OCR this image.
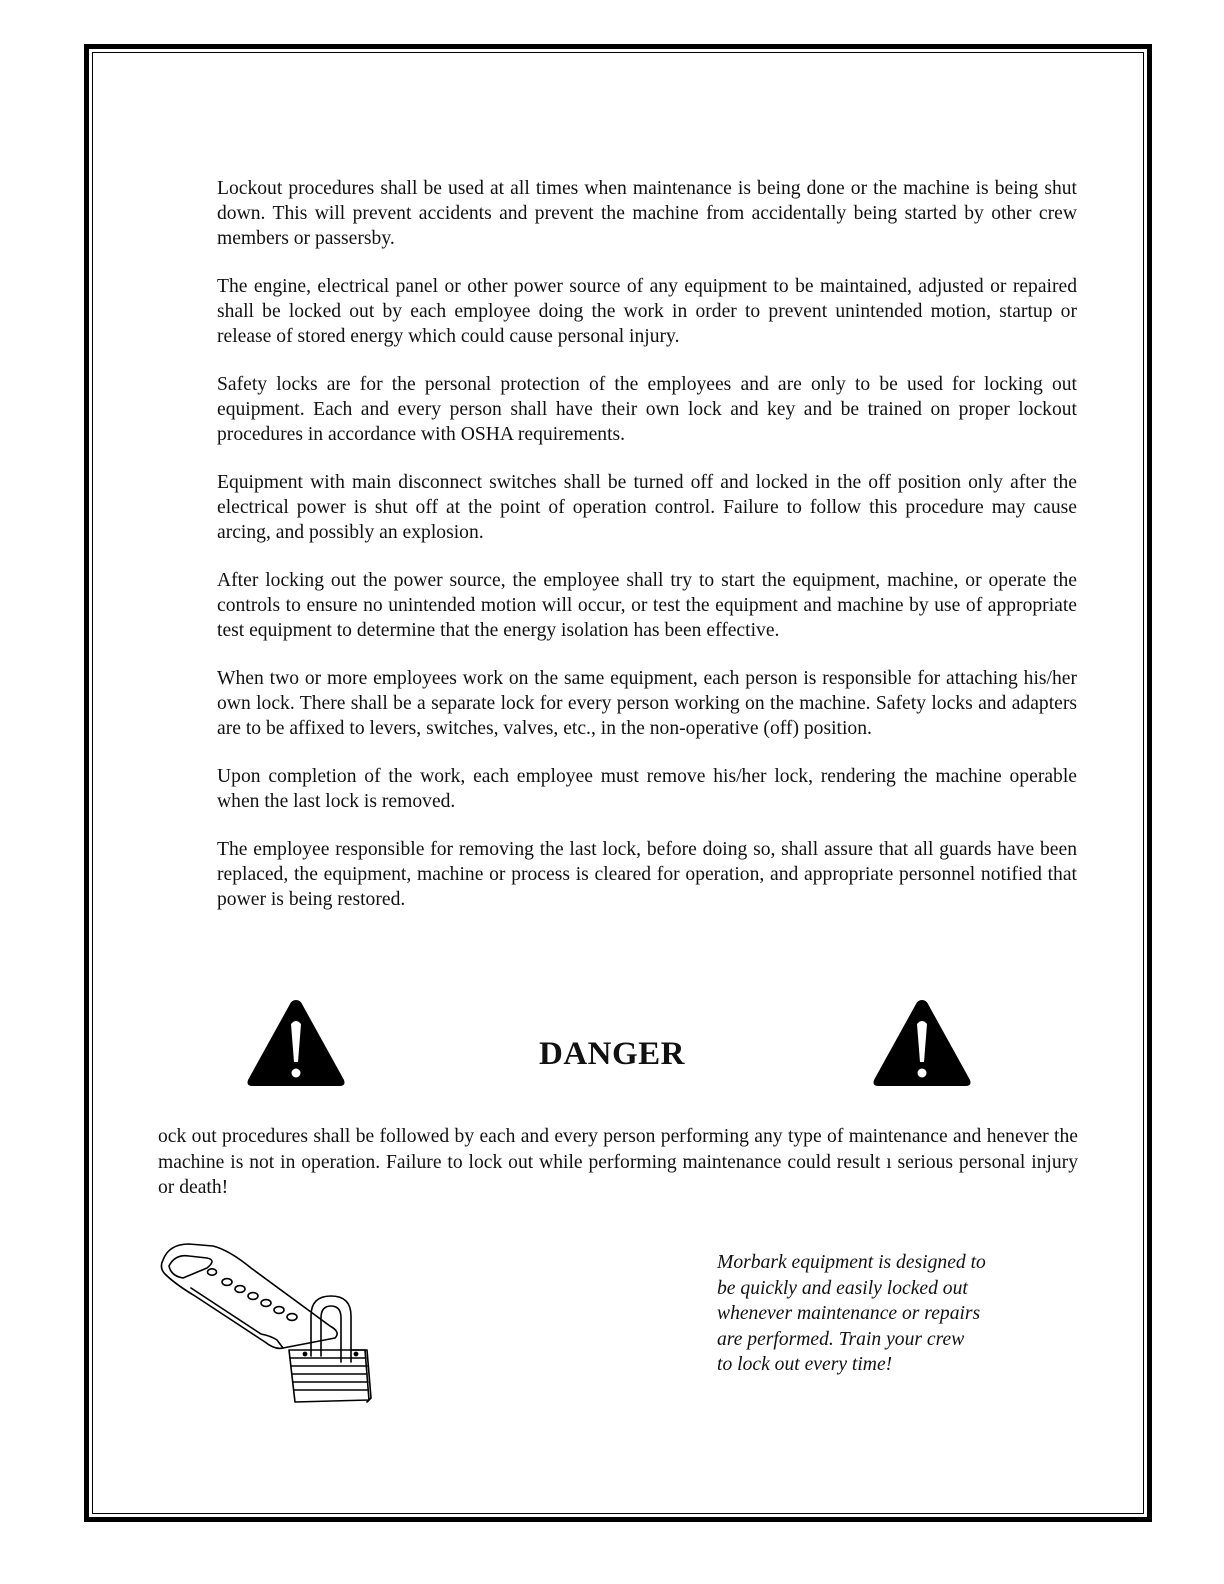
Lockout procedures shall be used at all times when maintenance is being done or the machine is being shut down. This will prevent accidents and prevent the machine from accidentally being started by other crew members or passersby.

The engine, electrical panel or other power source of any equipment to be maintained, adjusted or repaired shall be locked out by each employee doing the work in order to prevent unintended motion, startup or release of stored energy which could cause personal injury.

Safety locks are for the personal protection of the employees and are only to be used for locking out equipment. Each and every person shall have their own lock and key and be trained on proper lockout procedures in accordance with OSHA requirements.

Equipment with main disconnect switches shall be turned off and locked in the off position only after the electrical power is shut off at the point of operation control. Failure to follow this procedure may cause arcing, and possibly an explosion.

After locking out the power source, the employee shall try to start the equipment, machine, or operate the controls to ensure no unintended motion will occur, or test the equipment and machine by use of appropriate test equipment to determine that the energy isolation has been effective.

When two or more employees work on the same equipment, each person is responsible for attaching his/her own lock. There shall be a separate lock for every person working on the machine. Safety locks and adapters are to be affixed to levers, switches, valves, etc., in the non-operative (off) position.

Upon completion of the work, each employee must remove his/her lock, rendering the machine operable when the last lock is removed.

The employee responsible for removing the last lock, before doing so, shall assure that all guards have been replaced, the equipment, machine or process is cleared for operation, and appropriate personnel notified that power is being restored.

DANGER

ock out procedures shall be followed by each and every person performing any type of maintenance and henever the machine is not in operation. Failure to lock out while performing maintenance could result ı serious personal injury or death!

Morbark equipment is designed to
be quickly and easily locked out
whenever maintenance or repairs
are performed. Train your crew
to lock out every time!
